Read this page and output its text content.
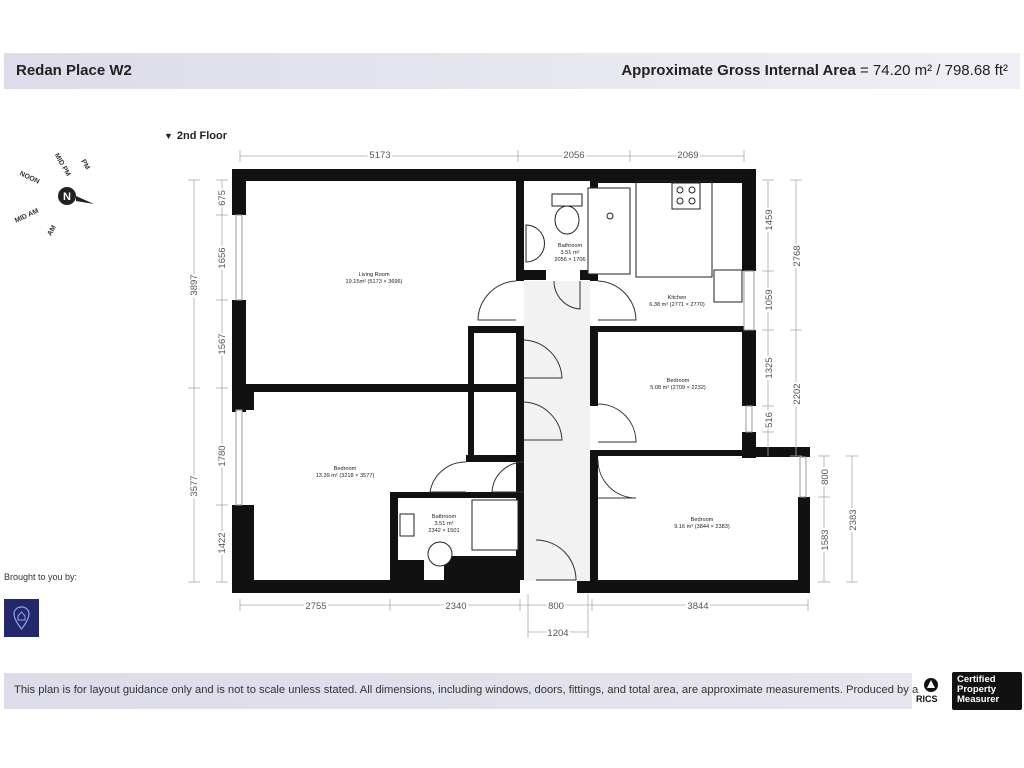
Redan Place W2	Approximate Gross Internal Area = 74.20 m² / 798.68 ft²
▼ 2nd Floor
N
MID PM PM
NOON
MID AM
AM
Living Room
19.15m² (5173 × 3696)
Bathroom
3.51 m²
2056 × 1706
Kitchen
6.38 m² (2771 × 2770)
Bedroom
5.08 m² (2709 × 2232)
Bedroom
13.39 m² (3218 × 3577)
Bathroom
3.51 m²
2342 × 1501
Bedroom
9.16 m² (3844 × 2383)
5173	2056	2069
3897
3577
675
1656
1567
1780
1422
1459
1059
1325
516
800
1583
2768
2202
2383
2755	2340	800	3844
1204
Brought to you by:
This plan is for layout guidance only and is not to scale unless stated. All dimensions, including windows, doors, fittings, and total area, are approximate measurements. Produced by a
RICS
Certified
Property
Measurer
